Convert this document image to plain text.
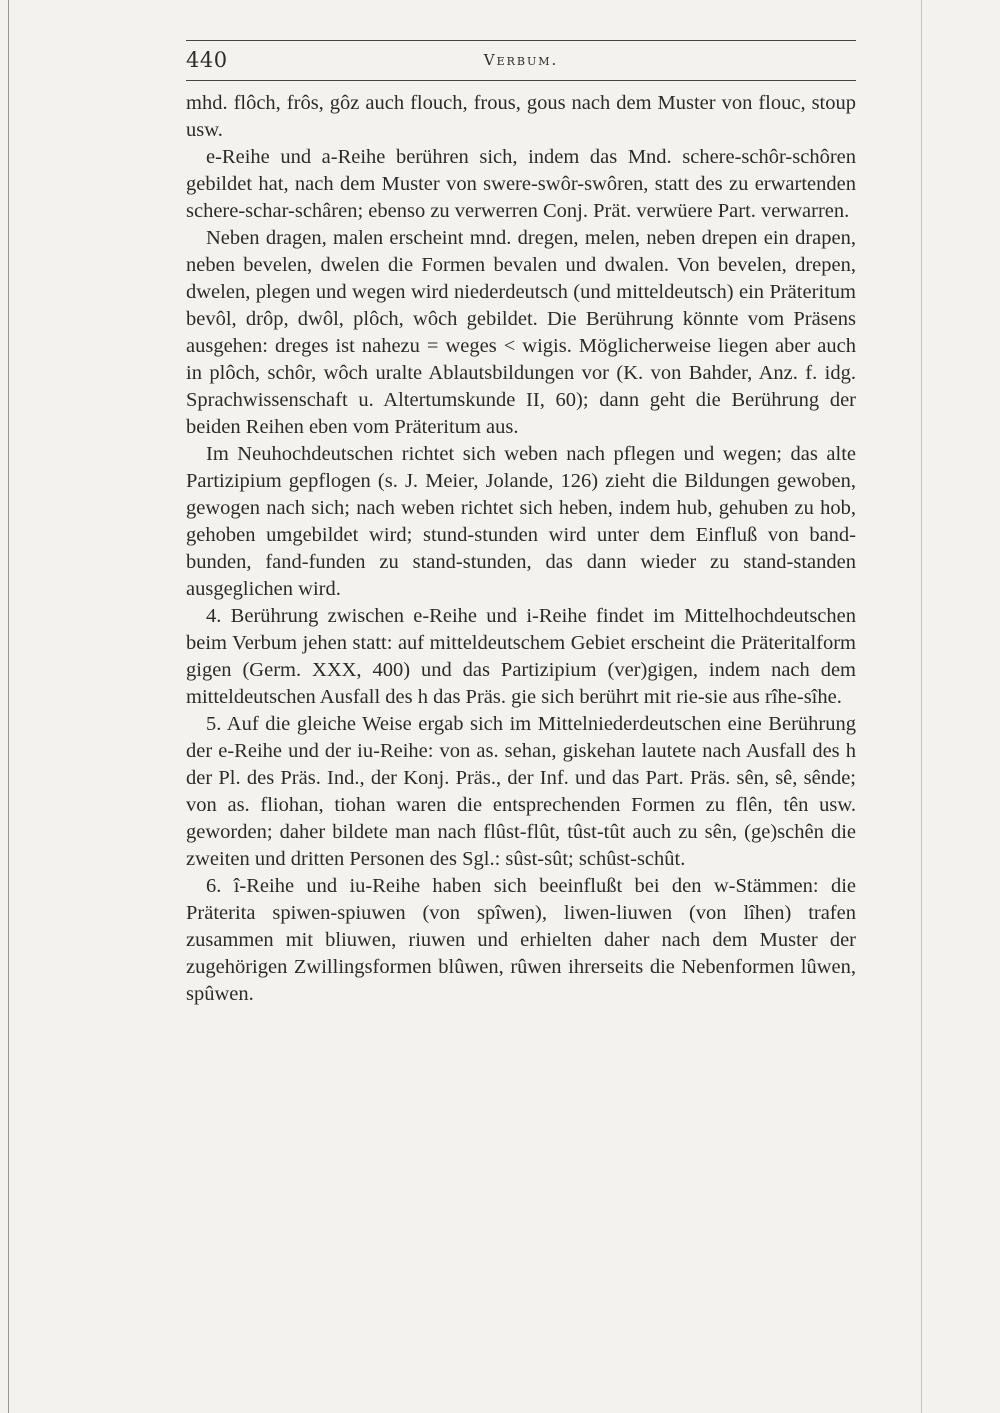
440	Verbum.

mhd. flôch, frôs, gôz auch flouch, frous, gous nach dem Muster von flouc, stoup usw.

e-Reihe und a-Reihe berühren sich, indem das Mnd. schere-schôr-schôren gebildet hat, nach dem Muster von swere-swôr-swôren, statt des zu erwartenden schere-schar-schâren; ebenso zu verwerren Conj. Prät. verwüere Part. verwarren.

Neben dragen, malen erscheint mnd. dregen, melen, neben drepen ein drapen, neben bevelen, dwelen die Formen bevalen und dwalen. Von bevelen, drepen, dwelen, plegen und wegen wird niederdeutsch (und mitteldeutsch) ein Präteritum bevôl, drôp, dwôl, plôch, wôch gebildet. Die Berührung könnte vom Präsens ausgehen: dreges ist nahezu = weges < wigis. Möglicherweise liegen aber auch in plôch, schôr, wôch uralte Ablautsbildungen vor (K. von Bahder, Anz. f. idg. Sprachwissenschaft u. Altertumskunde II, 60); dann geht die Berührung der beiden Reihen eben vom Präteritum aus.

Im Neuhochdeutschen richtet sich weben nach pflegen und wegen; das alte Partizipium gepflogen (s. J. Meier, Jolande, 126) zieht die Bildungen gewoben, gewogen nach sich; nach weben richtet sich heben, indem hub, gehuben zu hob, gehoben umgebildet wird; stund-stunden wird unter dem Einfluß von band-bunden, fand-funden zu stand-stunden, das dann wieder zu stand-standen ausgeglichen wird.

4. Berührung zwischen e-Reihe und i-Reihe findet im Mittelhochdeutschen beim Verbum jehen statt: auf mitteldeutschem Gebiet erscheint die Präteritalform gigen (Germ. XXX, 400) und das Partizipium (ver)gigen, indem nach dem mitteldeutschen Ausfall des h das Präs. gie sich berührt mit rie-sie aus rîhe-sîhe.

5. Auf die gleiche Weise ergab sich im Mittelniederdeutschen eine Berührung der e-Reihe und der iu-Reihe: von as. sehan, giskehan lautete nach Ausfall des h der Pl. des Präs. Ind., der Konj. Präs., der Inf. und das Part. Präs. sên, sê, sênde; von as. fliohan, tiohan waren die entsprechenden Formen zu flên, tên usw. geworden; daher bildete man nach flûst-flût, tûst-tût auch zu sên, (ge)schên die zweiten und dritten Personen des Sgl.: sûst-sût; schûst-schût.

6. î-Reihe und iu-Reihe haben sich beeinflußt bei den w-Stämmen: die Präterita spiwen-spiuwen (von spîwen), liwen-liuwen (von lîhen) trafen zusammen mit bliuwen, riuwen und erhielten daher nach dem Muster der zugehörigen Zwillingsformen blûwen, rûwen ihrerseits die Nebenformen lûwen, spûwen.
